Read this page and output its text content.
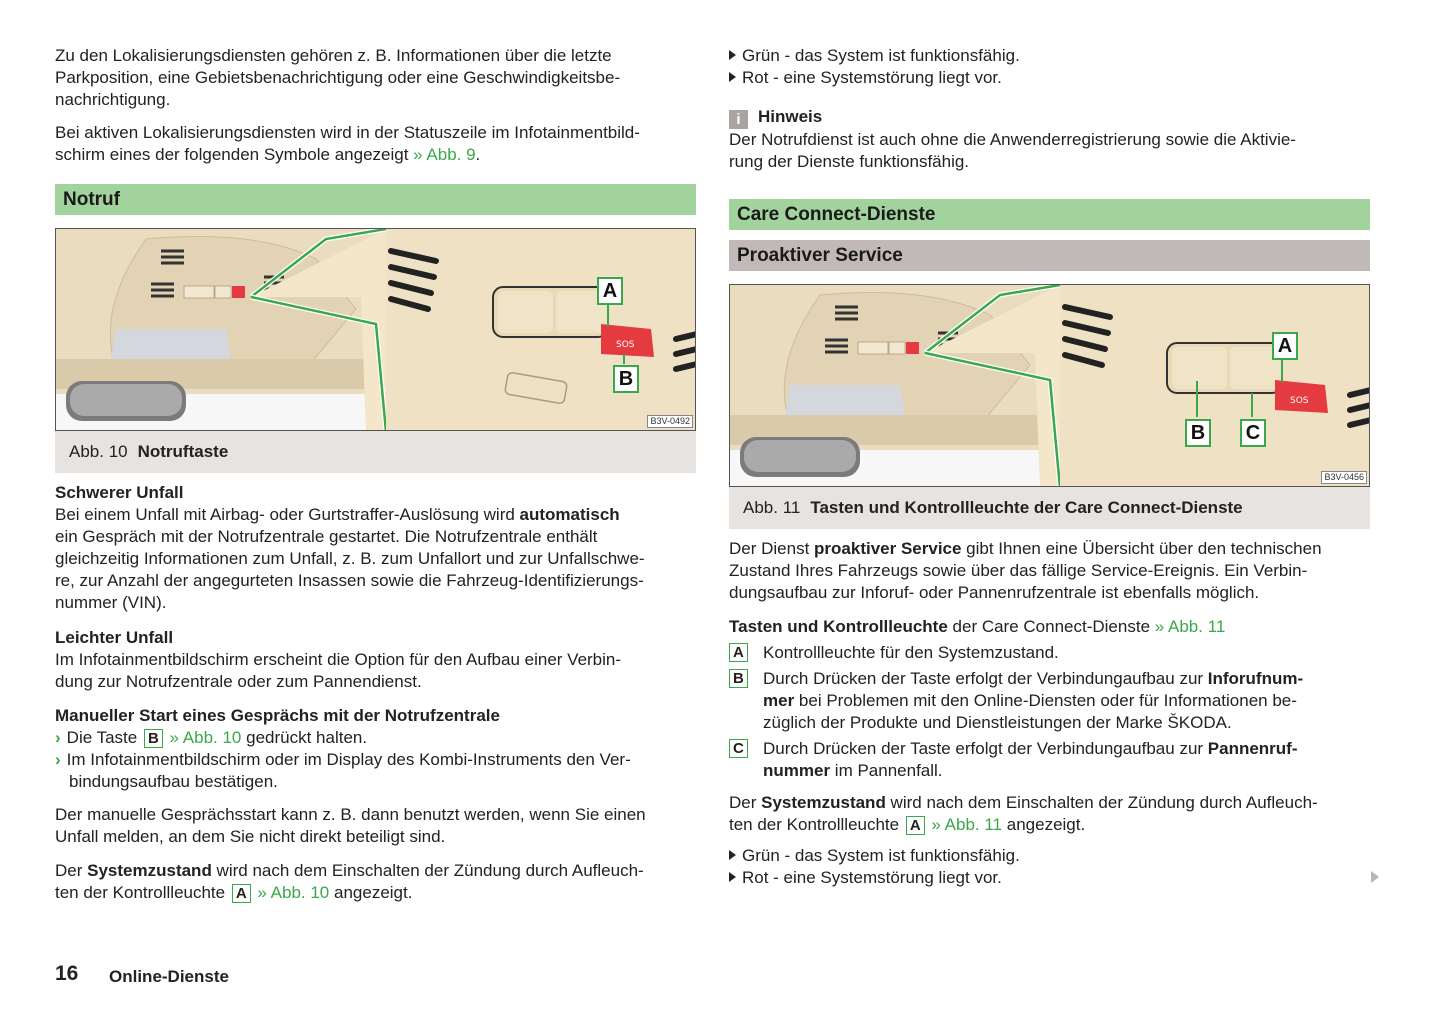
Zu den Lokalisierungsdiensten gehören z. B. Informationen über die letzte

Parkposition, eine Gebietsbenachrichtigung oder eine Geschwindigkeitsbe-

nachrichtigung.

Bei aktiven Lokalisierungsdiensten wird in der Statuszeile im Infotainmentbild-

schirm eines der folgenden Symbole angezeigt » Abb. 9.

Notruf
SOS
A
B
B3V-0492
Abb. 10 Notruftaste

Schwerer Unfall

Bei einem Unfall mit Airbag- oder Gurtstraffer-Auslösung wird automatisch

ein Gespräch mit der Notrufzentrale gestartet. Die Notrufzentrale enthält

gleichzeitig Informationen zum Unfall, z. B. zum Unfallort und zur Unfallschwe-

re, zur Anzahl der angegurteten Insassen sowie die Fahrzeug-Identifizierungs-

nummer (VIN).

Leichter Unfall

Im Infotainmentbildschirm erscheint die Option für den Aufbau einer Verbin-

dung zur Notrufzentrale oder zum Pannendienst.

Manueller Start eines Gesprächs mit der Notrufzentrale

› Die Taste B » Abb. 10 gedrückt halten.

› Im Infotainmentbildschirm oder im Display des Kombi-Instruments den Ver-

bindungsaufbau bestätigen.

Der manuelle Gesprächsstart kann z. B. dann benutzt werden, wenn Sie einen

Unfall melden, an dem Sie nicht direkt beteiligt sind.

Der Systemzustand wird nach dem Einschalten der Zündung durch Aufleuch-

ten der Kontrollleuchte A » Abb. 10 angezeigt.

Grün - das System ist funktionsfähig.

Rot - eine Systemstörung liegt vor.

i Hinweis

Der Notrufdienst ist auch ohne die Anwenderregistrierung sowie die Aktivie-

rung der Dienste funktionsfähig.

Care Connect-Dienste
Proaktiver Service
SOS
A
B C
B3V-0456
Abb. 11 Tasten und Kontrollleuchte der Care Connect-Dienste

Der Dienst proaktiver Service gibt Ihnen eine Übersicht über den technischen

Zustand Ihres Fahrzeugs sowie über das fällige Service-Ereignis. Ein Verbin-

dungsaufbau zur Inforuf- oder Pannenrufzentrale ist ebenfalls möglich.

Tasten und Kontrollleuchte der Care Connect-Dienste » Abb. 11

A Kontrollleuchte für den Systemzustand.
B Durch Drücken der Taste erfolgt der Verbindungaufbau zur Inforufnum-
mer bei Problemen mit den Online-Diensten oder für Informationen be-
züglich der Produkte und Dienstleistungen der Marke ŠKODA.
C Durch Drücken der Taste erfolgt der Verbindungaufbau zur Pannenruf-
nummer im Pannenfall.

Der Systemzustand wird nach dem Einschalten der Zündung durch Aufleuch-

ten der Kontrollleuchte A » Abb. 11 angezeigt.

Grün - das System ist funktionsfähig.

Rot - eine Systemstörung liegt vor.

16 Online-Dienste
